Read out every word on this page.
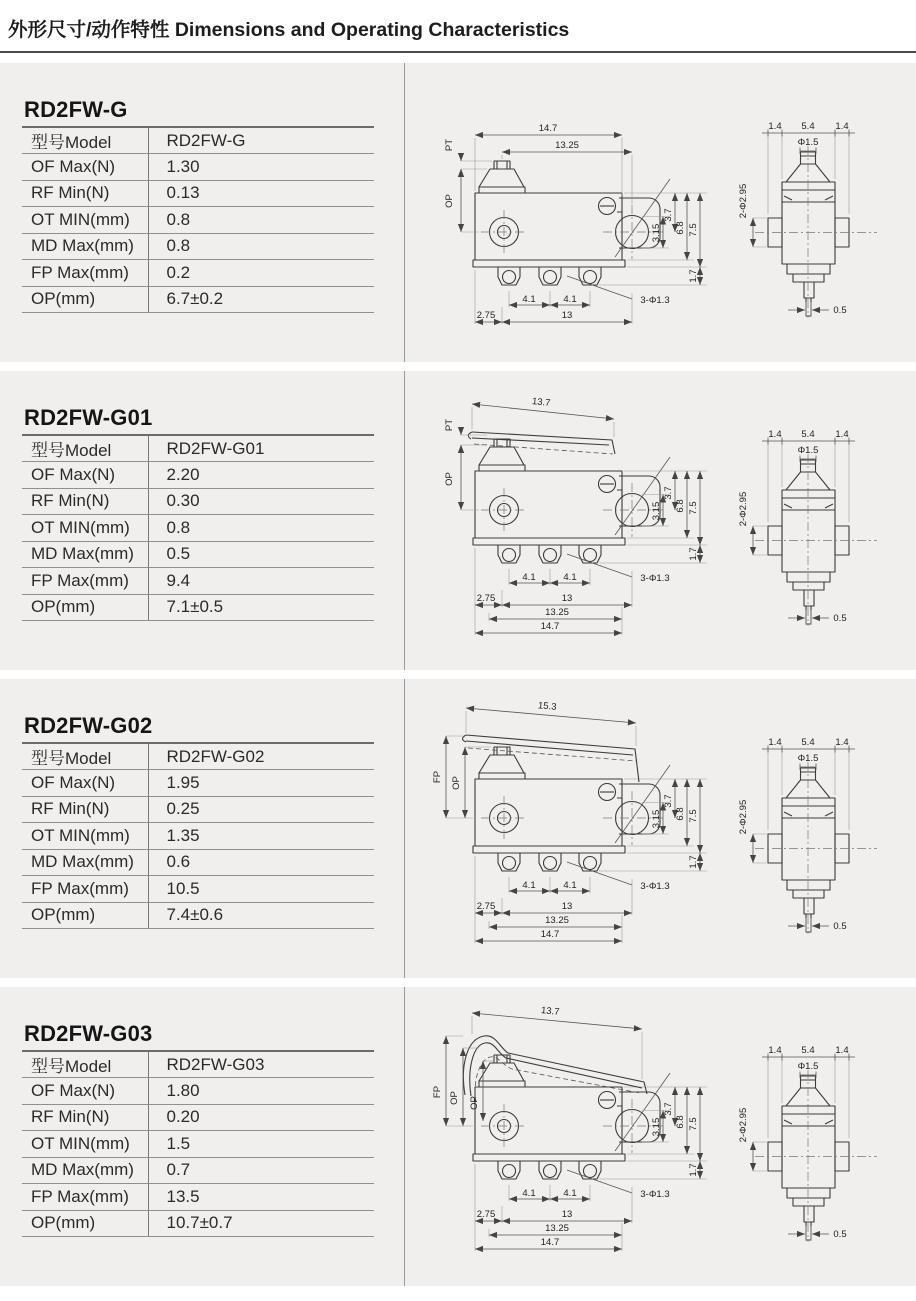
外形尺寸/动作特性 Dimensions and Operating Characteristics
RD2FW-G
型号Model	RD2FW-G
OF Max(N)	1.30
RF Min(N)	0.13
OT MIN(mm)	0.8
MD Max(mm)	0.8
FP Max(mm)	0.2
OP(mm)	6.7±0.2
14.7
13.25
PT
OP
2.75	13
RD2FW-G01
型号Model	RD2FW-G01
OF Max(N)	2.20
RF Min(N)	0.30
OT MIN(mm)	0.8
MD Max(mm)	0.5
FP Max(mm)	9.4
OP(mm)	7.1±0.5
13.7
PT
OP
RD2FW-G02
型号Model	RD2FW-G02
OF Max(N)	1.95
RF Min(N)	0.25
OT MIN(mm)	1.35
MD Max(mm)	0.6
FP Max(mm)	10.5
OP(mm)	7.4±0.6
15.3
FP OP
RD2FW-G03
型号Model	RD2FW-G03
OF Max(N)	1.80
RF Min(N)	0.20
OT MIN(mm)	1.5
MD Max(mm)	0.7
FP Max(mm)	13.5
OP(mm)	10.7±0.7
13.7
FP OP OP
